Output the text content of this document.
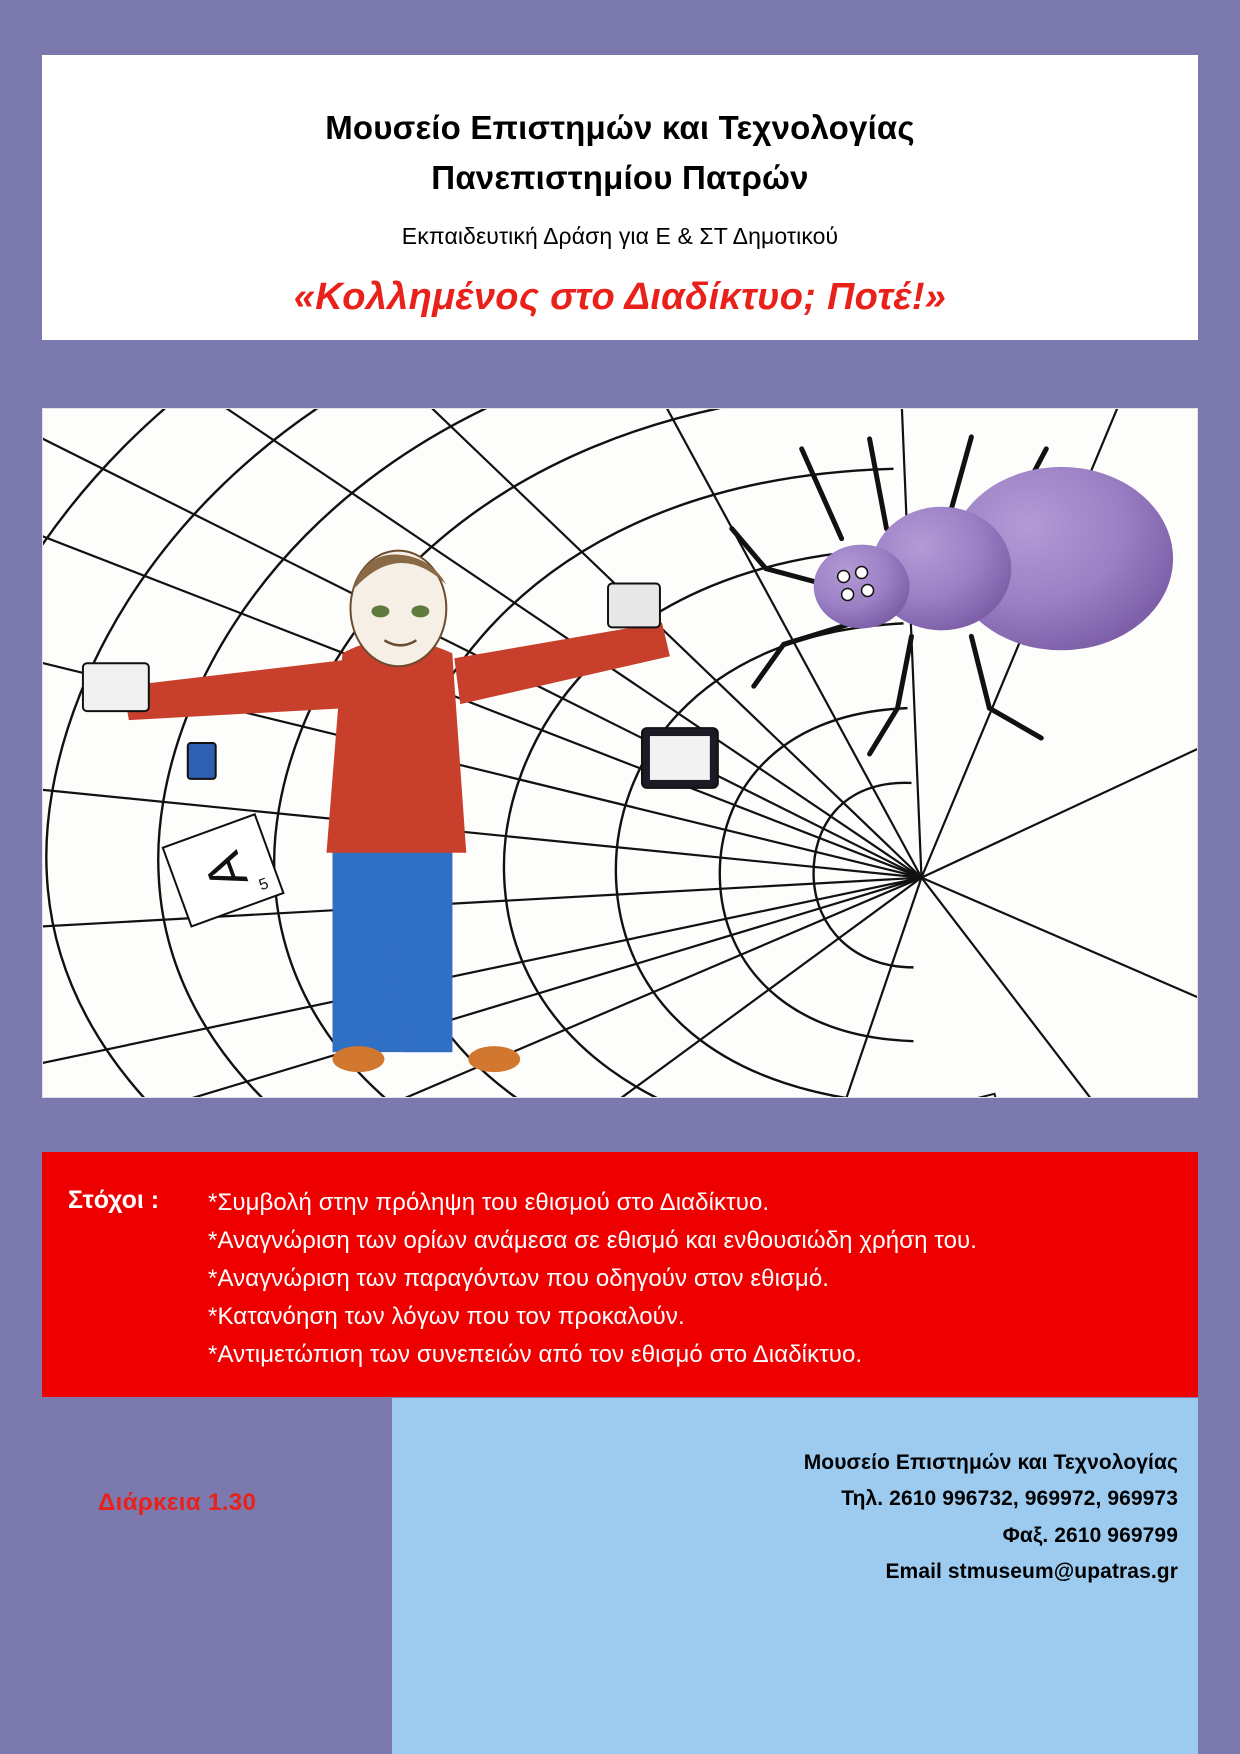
Μουσείο Επιστημών και Τεχνολογίας
Πανεπιστημίου Πατρών
Εκπαιδευτική Δράση για Ε & ΣΤ Δημοτικού
«Κολλημένος στο Διαδίκτυο; Ποτέ!»
A
5
Στόχοι :	*Συμβολή στην πρόληψη του εθισμού στο Διαδίκτυο.
*Αναγνώριση των ορίων ανάμεσα σε εθισμό και ενθουσιώδη χρήση του.
*Αναγνώριση των παραγόντων που οδηγούν στον εθισμό.
*Κατανόηση των λόγων που τον προκαλούν.
*Αντιμετώπιση των συνεπειών από τον εθισμό στο Διαδίκτυο.
Διάρκεια 1.30
Μουσείο Επιστημών και Τεχνολογίας
Τηλ. 2610 996732, 969972, 969973
Φαξ. 2610 969799
Email stmuseum@upatras.gr
